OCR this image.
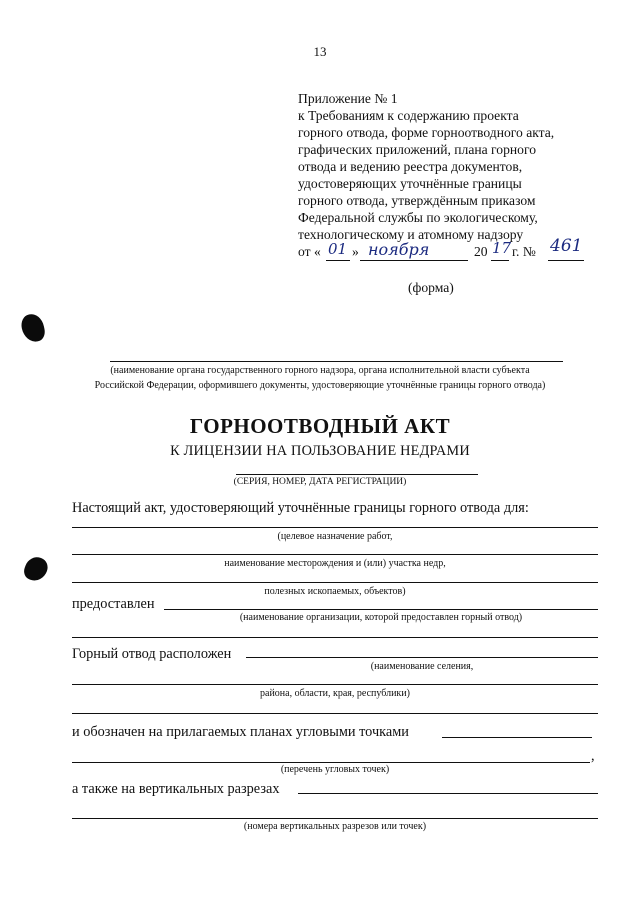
13
Приложение № 1
к Требованиям к содержанию проекта
горного отвода, форме горноотводного акта,
графических приложений, плана горного
отвода и ведению реестра документов,
удостоверяющих уточнённые границы
горного отвода, утверждённым приказом
Федеральной службы по экологическому,
технологическому и атомному надзору
от « 01 » ноября	20 17 г. № 461
(форма)
(наименование органа государственного горного надзора, органа исполнительной власти субъекта
Российской Федерации, оформившего документы, удостоверяющие уточнённые границы горного отвода)
ГОРНООТВОДНЫЙ АКТ
К ЛИЦЕНЗИИ НА ПОЛЬЗОВАНИЕ НЕДРАМИ
(СЕРИЯ, НОМЕР, ДАТА РЕГИСТРАЦИИ)
Настоящий акт, удостоверяющий уточнённые границы горного отвода для:
(целевое назначение работ,
наименование месторождения и (или) участка недр,
полезных ископаемых, объектов)
предоставлен
(наименование организации, которой предоставлен горный отвод)
Горный отвод расположен
(наименование селения,
района, области, края, республики)
и обозначен на прилагаемых планах угловыми точками
,
(перечень угловых точек)
а также на вертикальных разрезах
(номера вертикальных разрезов или точек)
